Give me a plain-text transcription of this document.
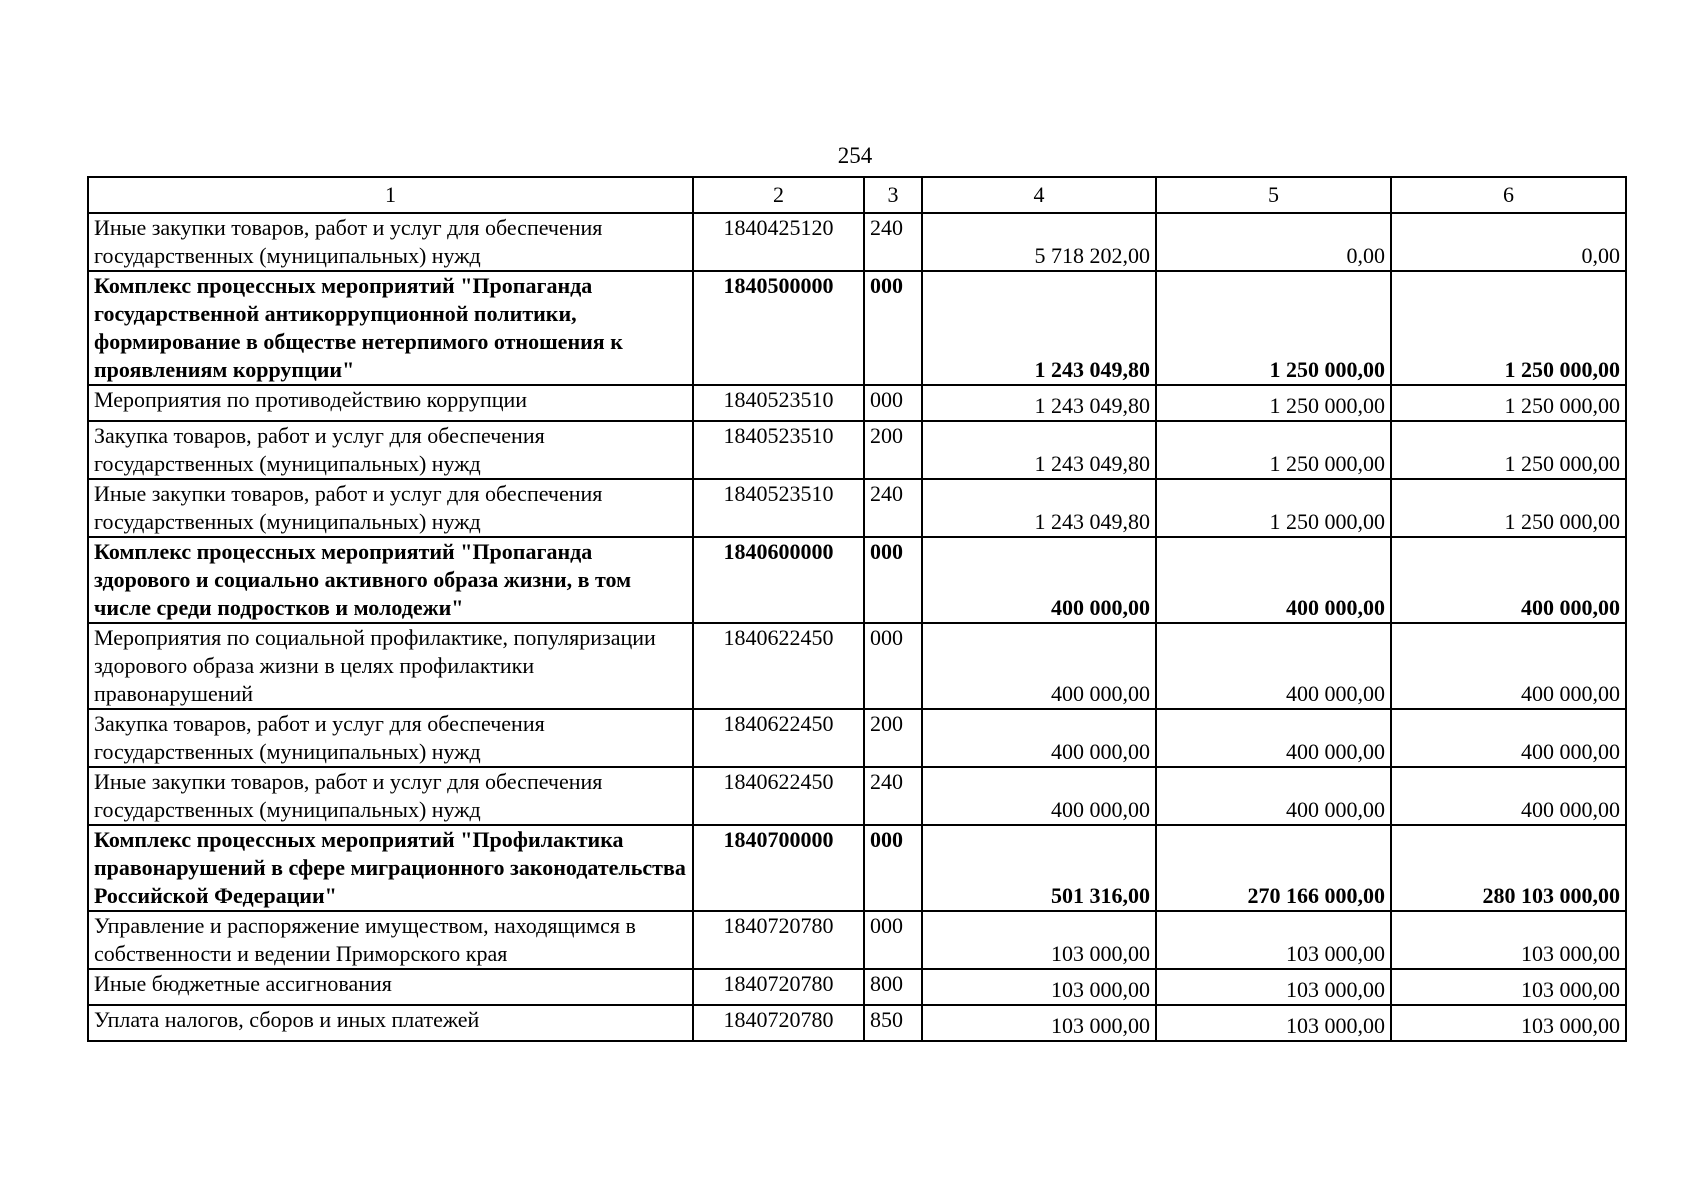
254
1	2	3	4	5	6
Иные закупки товаров, работ и услуг для обеспечения государственных (муниципальных) нужд	1840425120	240	5 718 202,00	0,00	0,00
Комплекс процессных мероприятий "Пропаганда государственной антикоррупционной политики, формирование в обществе нетерпимого отношения к проявлениям коррупции"	1840500000	000	1 243 049,80	1 250 000,00	1 250 000,00
Мероприятия по противодействию коррупции	1840523510	000	1 243 049,80	1 250 000,00	1 250 000,00
Закупка товаров, работ и услуг для обеспечения государственных (муниципальных) нужд	1840523510	200	1 243 049,80	1 250 000,00	1 250 000,00
Иные закупки товаров, работ и услуг для обеспечения государственных (муниципальных) нужд	1840523510	240	1 243 049,80	1 250 000,00	1 250 000,00
Комплекс процессных мероприятий "Пропаганда здорового и социально активного образа жизни, в том числе среди подростков и молодежи"	1840600000	000	400 000,00	400 000,00	400 000,00
Мероприятия по социальной профилактике, популяризации здорового образа жизни в целях профилактики правонарушений	1840622450	000	400 000,00	400 000,00	400 000,00
Закупка товаров, работ и услуг для обеспечения государственных (муниципальных) нужд	1840622450	200	400 000,00	400 000,00	400 000,00
Иные закупки товаров, работ и услуг для обеспечения государственных (муниципальных) нужд	1840622450	240	400 000,00	400 000,00	400 000,00
Комплекс процессных мероприятий "Профилактика правонарушений в сфере миграционного законодательства Российской Федерации"	1840700000	000	501 316,00	270 166 000,00	280 103 000,00
Управление и распоряжение имуществом, находящимся в собственности и ведении Приморского края	1840720780	000	103 000,00	103 000,00	103 000,00
Иные бюджетные ассигнования	1840720780	800	103 000,00	103 000,00	103 000,00
Уплата налогов, сборов и иных платежей	1840720780	850	103 000,00	103 000,00	103 000,00
